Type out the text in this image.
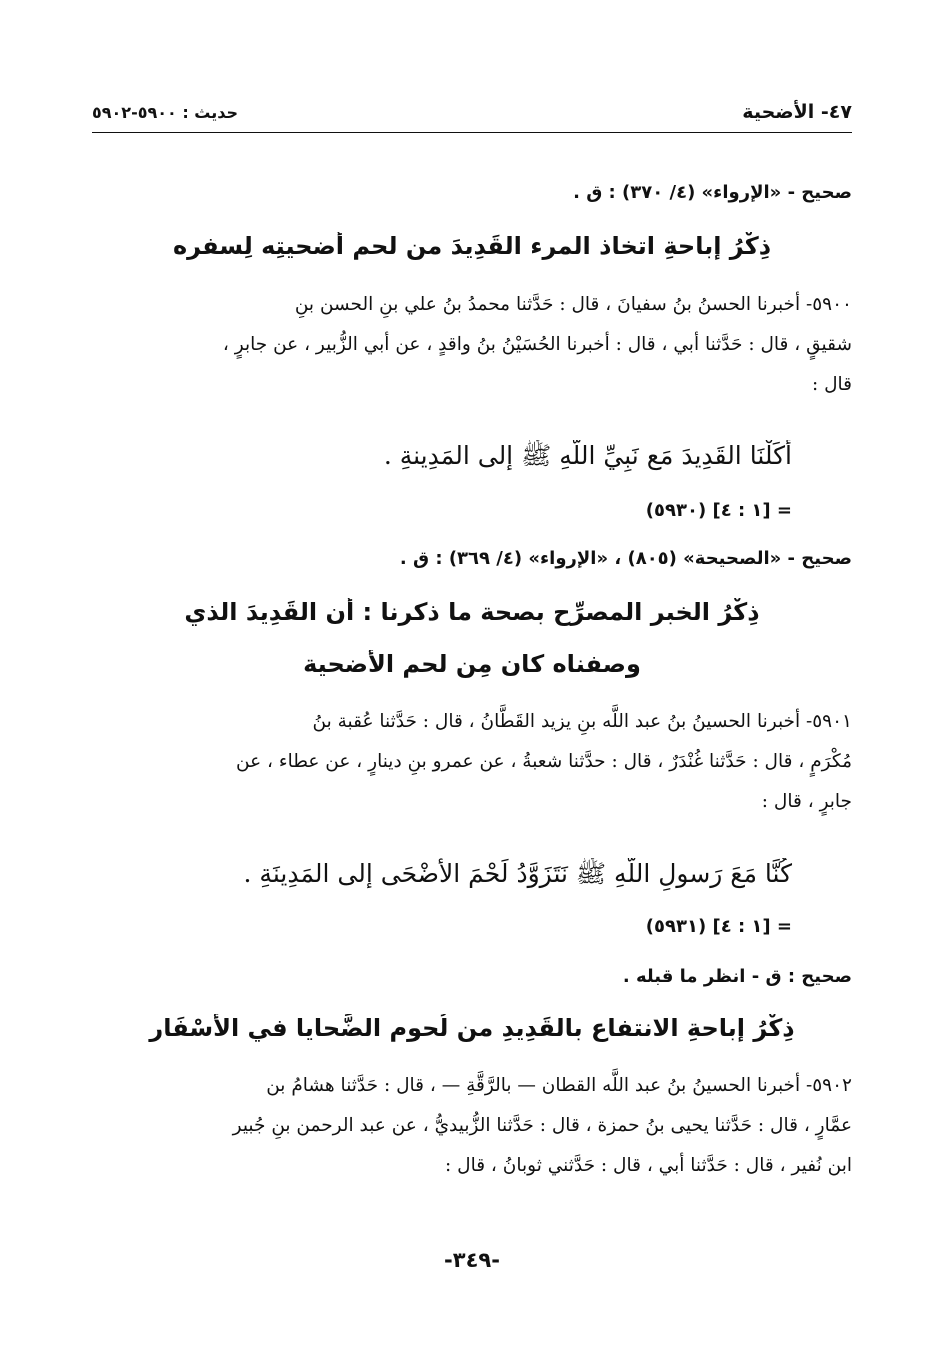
٤٧- الأضحية
حديث : ٥٩٠٠-٥٩٠٢
صحيح - «الإرواء» (٤/ ٣٧٠) : ق .
ذِكْرُ إباحةِ اتخاذ المرء القَدِيدَ من لحمِ أُضحيتِه لِسفره
٥٩٠٠- أخبرنا الحسنُ بنُ سفيانَ ، قال : حَدَّثنا محمدُ بنُ علي بنِ الحسن بنِ
شقيقٍ ، قال : حَدَّثنا أبي ، قال : أخبرنا الحُسَيْنُ بنُ واقدٍ ، عن أبي الزُّبير ، عن جابرٍ ،
قال :
أَكَلْنَا القَدِيدَ مَع نَبِيِّ اللَّهِ ﷺ إلى المَدِينةِ .
= [١ : ٤] (٥٩٣٠)
صحيح - «الصحيحة» (٨٠٥) ، «الإرواء» (٤/ ٣٦٩) : ق .
ذِكْرُ الخبرِ المصرِّح بصحة ما ذكرنا : أن القَدِيدَ الذي
وصفناه كان مِن لحم الأَضحية
٥٩٠١- أخبرنا الحسينُ بنُ عبد اللَّه بنِ يزيد القَطَّانُ ، قال : حَدَّثنا عُقبة بنُ
مُكْرَمٍ ، قال : حَدَّثنا غُنْدَرٌ ، قال : حدَّثنا شعبةُ ، عن عمرو بنِ دينارٍ ، عن عطاء ، عن
جابرٍ ، قال :
كُنَّا مَعَ رَسولِ اللَّهِ ﷺ نَتَزَوَّدُ لَحْمَ الأَضْحَى إلى المَدِينَةِ .
= [١ : ٤] (٥٩٣١)
صحيح : ق - انظر ما قبله .
ذِكْرُ إباحةِ الانتفاعِ بالقَدِيدِ من لُحومِ الضَّحايا في الأَسْفَارِ
٥٩٠٢- أخبرنا الحسينُ بنُ عبد اللَّه القطان — بالرَّقَّةِ — ، قال : حَدَّثنا هشامُ بن
عمَّارٍ ، قال : حَدَّثنا يحيى بنُ حمزة ، قال : حَدَّثنا الزُّبيديُّ ، عن عبد الرحمن بنِ جُبير
ابن نُفير ، قال : حَدَّثنا أبي ، قال : حَدَّثني ثوبانُ ، قال :
-٣٤٩-
